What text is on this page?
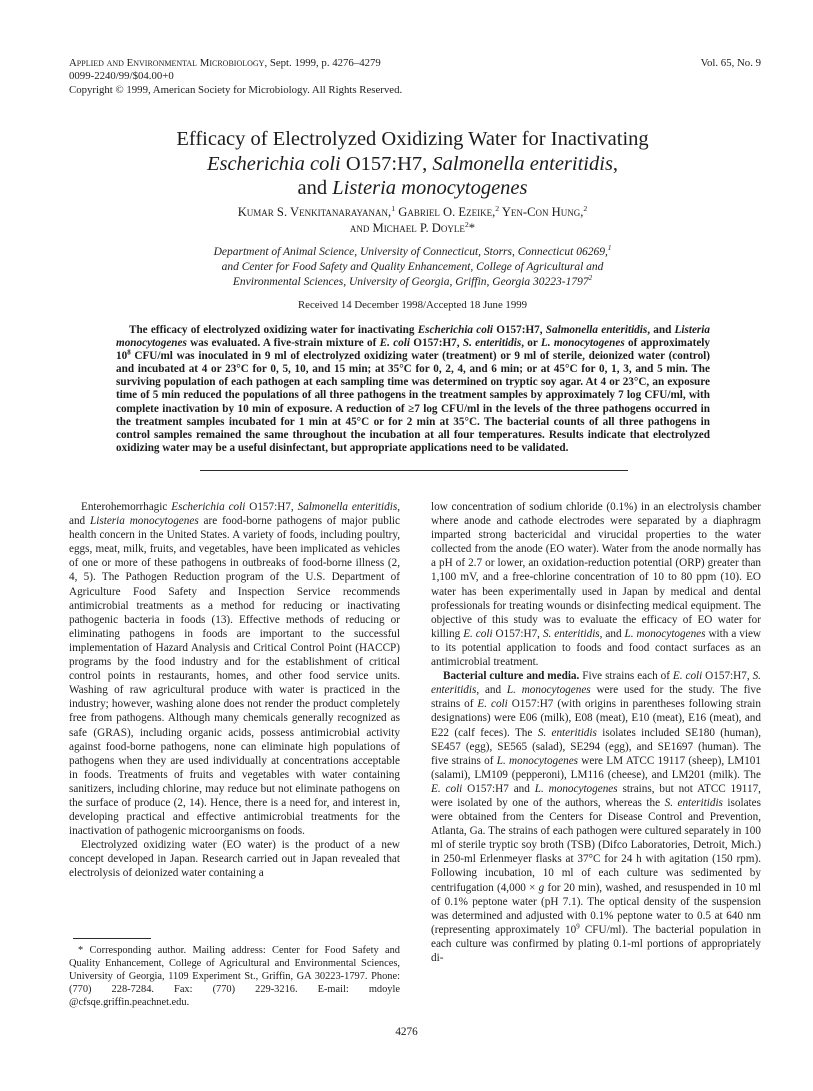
Applied and Environmental Microbiology, Sept. 1999, p. 4276–4279	Vol. 65, No. 9
0099-2240/99/$04.00+0
Copyright © 1999, American Society for Microbiology. All Rights Reserved.
Efficacy of Electrolyzed Oxidizing Water for Inactivating
Escherichia coli O157:H7, Salmonella enteritidis,
and Listeria monocytogenes
Kumar S. Venkitanarayanan,$^1$ Gabriel O. Ezeike,$^2$ Yen-Con Hung,$^2$
and Michael P. Doyle$^2$*
Department of Animal Science, University of Connecticut, Storrs, Connecticut 06269,$^1$
and Center for Food Safety and Quality Enhancement, College of Agricultural and
Environmental Sciences, University of Georgia, Griffin, Georgia 30223-1797$^2$
Received 14 December 1998/Accepted 18 June 1999

The efficacy of electrolyzed oxidizing water for inactivating Escherichia coli O157:H7, Salmonella enteritidis, and Listeria monocytogenes was evaluated. A five-strain mixture of E. coli O157:H7, S. enteritidis, or L. monocytogenes of approximately $10^8$ CFU/ml was inoculated in 9 ml of electrolyzed oxidizing water (treatment) or 9 ml of sterile, deionized water (control) and incubated at 4 or 23°C for 0, 5, 10, and 15 min; at 35°C for 0, 2, 4, and 6 min; or at 45°C for 0, 1, 3, and 5 min. The surviving population of each pathogen at each sampling time was determined on tryptic soy agar. At 4 or 23°C, an exposure time of 5 min reduced the populations of all three pathogens in the treatment samples by approximately 7 log CFU/ml, with complete inactivation by 10 min of exposure. A reduction of ≥7 log CFU/ml in the levels of the three pathogens occurred in the treatment samples incubated for 1 min at 45°C or for 2 min at 35°C. The bacterial counts of all three pathogens in control samples remained the same throughout the incubation at all four temperatures. Results indicate that electrolyzed oxidizing water may be a useful disinfectant, but appropriate applications need to be validated.

Enterohemorrhagic Escherichia coli O157:H7, Salmonella enteritidis, and Listeria monocytogenes are food-borne pathogens of major public health concern in the United States. A variety of foods, including poultry, eggs, meat, milk, fruits, and vegetables, have been implicated as vehicles of one or more of these pathogens in outbreaks of food-borne illness (2, 4, 5). The Pathogen Reduction program of the U.S. Department of Agriculture Food Safety and Inspection Service recommends antimicrobial treatments as a method for reducing or inactivating pathogenic bacteria in foods (13). Effective methods of reducing or eliminating pathogens in foods are important to the successful implementation of Hazard Analysis and Critical Control Point (HACCP) programs by the food industry and for the establishment of critical control points in restaurants, homes, and other food service units. Washing of raw agricultural produce with water is practiced in the industry; however, washing alone does not render the product completely free from pathogens. Although many chemicals generally recognized as safe (GRAS), including organic acids, possess antimicrobial activity against food-borne pathogens, none can eliminate high populations of pathogens when they are used individually at concentrations acceptable in foods. Treatments of fruits and vegetables with water containing sanitizers, including chlorine, may reduce but not eliminate pathogens on the surface of produce (2, 14). Hence, there is a need for, and interest in, developing practical and effective antimicrobial treatments for the inactivation of pathogenic microorganisms on foods.

Electrolyzed oxidizing water (EO water) is the product of a new concept developed in Japan. Research carried out in Japan revealed that electrolysis of deionized water containing a

low concentration of sodium chloride (0.1%) in an electrolysis chamber where anode and cathode electrodes were separated by a diaphragm imparted strong bactericidal and virucidal properties to the water collected from the anode (EO water). Water from the anode normally has a pH of 2.7 or lower, an oxidation-reduction potential (ORP) greater than 1,100 mV, and a free-chlorine concentration of 10 to 80 ppm (10). EO water has been experimentally used in Japan by medical and dental professionals for treating wounds or disinfecting medical equipment. The objective of this study was to evaluate the efficacy of EO water for killing E. coli O157:H7, S. enteritidis, and L. monocytogenes with a view to its potential application to foods and food contact surfaces as an antimicrobial treatment.

Bacterial culture and media. Five strains each of E. coli O157:H7, S. enteritidis, and L. monocytogenes were used for the study. The five strains of E. coli O157:H7 (with origins in parentheses following strain designations) were E06 (milk), E08 (meat), E10 (meat), E16 (meat), and E22 (calf feces). The S. enteritidis isolates included SE180 (human), SE457 (egg), SE565 (salad), SE294 (egg), and SE1697 (human). The five strains of L. monocytogenes were LM ATCC 19117 (sheep), LM101 (salami), LM109 (pepperoni), LM116 (cheese), and LM201 (milk). The E. coli O157:H7 and L. monocytogenes strains, but not ATCC 19117, were isolated by one of the authors, whereas the S. enteritidis isolates were obtained from the Centers for Disease Control and Prevention, Atlanta, Ga. The strains of each pathogen were cultured separately in 100 ml of sterile tryptic soy broth (TSB) (Difco Laboratories, Detroit, Mich.) in 250-ml Erlenmeyer flasks at 37°C for 24 h with agitation (150 rpm). Following incubation, 10 ml of each culture was sedimented by centrifugation (4,000 × g for 20 min), washed, and resuspended in 10 ml of 0.1% peptone water (pH 7.1). The optical density of the suspension was determined and adjusted with 0.1% peptone water to 0.5 at 640 nm (representing approximately $10^9$ CFU/ml). The bacterial population in each culture was confirmed by plating 0.1-ml portions of appropriately di-

* Corresponding author. Mailing address: Center for Food Safety and Quality Enhancement, College of Agricultural and Environmental Sciences, University of Georgia, 1109 Experiment St., Griffin, GA 30223-1797. Phone: (770) 228-7284. Fax: (770) 229-3216. E-mail: mdoyle @cfsqe.griffin.peachnet.edu.

4276
